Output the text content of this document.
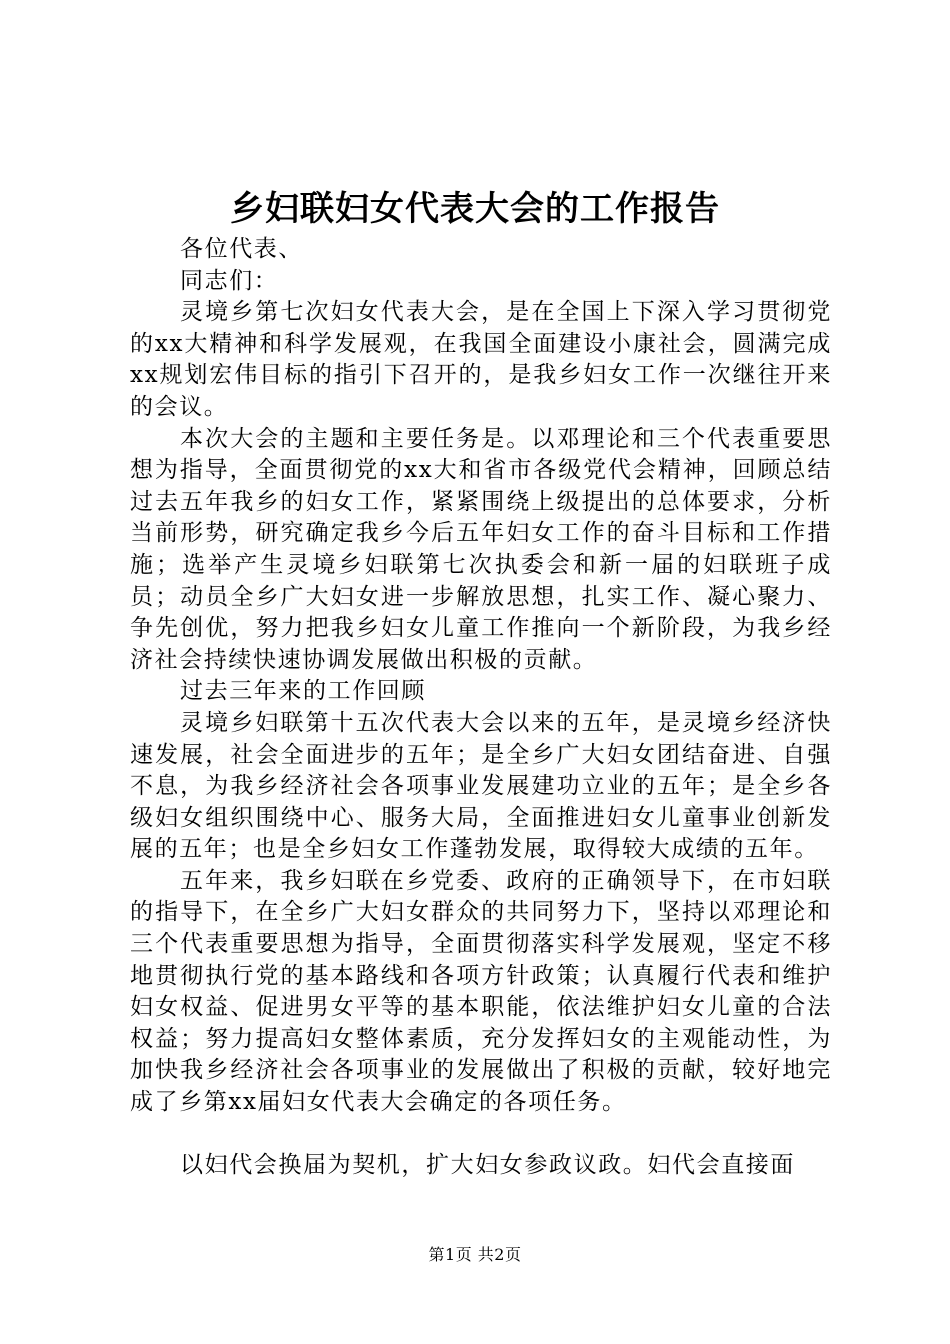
乡妇联妇女代表大会的工作报告

各位代表、

同志们：

灵境乡第七次妇女代表大会，是在全国上下深入学习贯彻党的xx大精神和科学发展观，在我国全面建设小康社会，圆满完成xx规划宏伟目标的指引下召开的，是我乡妇女工作一次继往开来的会议。

本次大会的主题和主要任务是。以邓理论和三个代表重要思想为指导，全面贯彻党的xx大和省市各级党代会精神，回顾总结过去五年我乡的妇女工作，紧紧围绕上级提出的总体要求，分析当前形势，研究确定我乡今后五年妇女工作的奋斗目标和工作措施；选举产生灵境乡妇联第七次执委会和新一届的妇联班子成员；动员全乡广大妇女进一步解放思想，扎实工作、凝心聚力、争先创优，努力把我乡妇女儿童工作推向一个新阶段，为我乡经济社会持续快速协调发展做出积极的贡献。

过去三年来的工作回顾

灵境乡妇联第十五次代表大会以来的五年，是灵境乡经济快速发展，社会全面进步的五年；是全乡广大妇女团结奋进、自强不息，为我乡经济社会各项事业发展建功立业的五年；是全乡各级妇女组织围绕中心、服务大局，全面推进妇女儿童事业创新发展的五年；也是全乡妇女工作蓬勃发展，取得较大成绩的五年。

五年来，我乡妇联在乡党委、政府的正确领导下，在市妇联的指导下，在全乡广大妇女群众的共同努力下，坚持以邓理论和三个代表重要思想为指导，全面贯彻落实科学发展观，坚定不移地贯彻执行党的基本路线和各项方针政策；认真履行代表和维护妇女权益、促进男女平等的基本职能，依法维护妇女儿童的合法权益；努力提高妇女整体素质，充分发挥妇女的主观能动性，为加快我乡经济社会各项事业的发展做出了积极的贡献，较好地完成了乡第xx届妇女代表大会确定的各项任务。

以妇代会换届为契机，扩大妇女参政议政。妇代会直接面

第1页 共2页
